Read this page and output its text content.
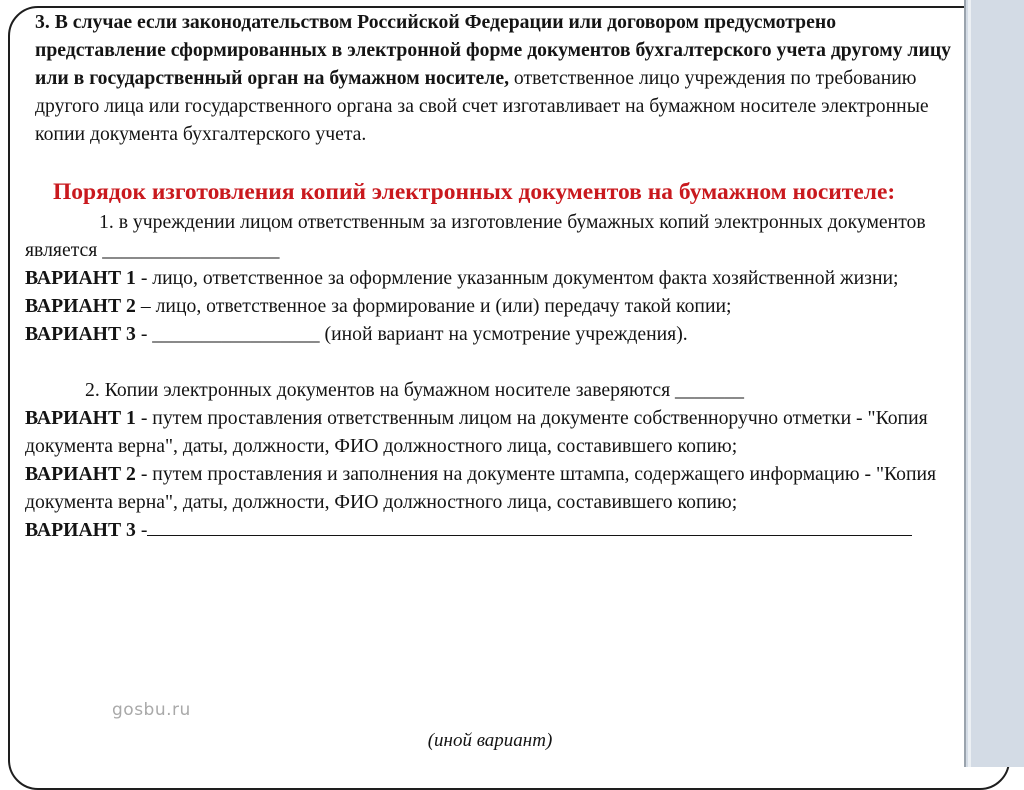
3. В случае если законодательством Российской Федерации или договором предусмотрено представление сформированных в электронной форме документов бухгалтерского учета другому лицу или в государственный орган на бумажном носителе, ответственное лицо учреждения по требованию другого лица или государственного органа за свой счет изготавливает на бумажном носителе электронные копии документа бухгалтерского учета.

Порядок изготовления копий электронных документов на бумажном носителе:

1. в учреждении лицом ответственным за изготовление бумажных копий электронных документов является __________________

ВАРИАНТ 1 - лицо, ответственное за оформление указанным документом факта хозяйственной жизни;

ВАРИАНТ 2 – лицо, ответственное за формирование и (или) передачу такой копии;

ВАРИАНТ 3 - _________________ (иной вариант на усмотрение учреждения).

2. Копии электронных документов на бумажном носителе заверяются _______

ВАРИАНТ 1 - путем проставления ответственным лицом на документе собственноручно отметки - "Копия документа верна", даты, должности, ФИО должностного лица, составившего копию;

ВАРИАНТ 2 - путем проставления и заполнения на документе штампа, содержащего информацию - "Копия документа верна", даты, должности, ФИО должностного лица, составившего копию;

ВАРИАНТ 3 -

gosbu.ru
(иной вариант)
